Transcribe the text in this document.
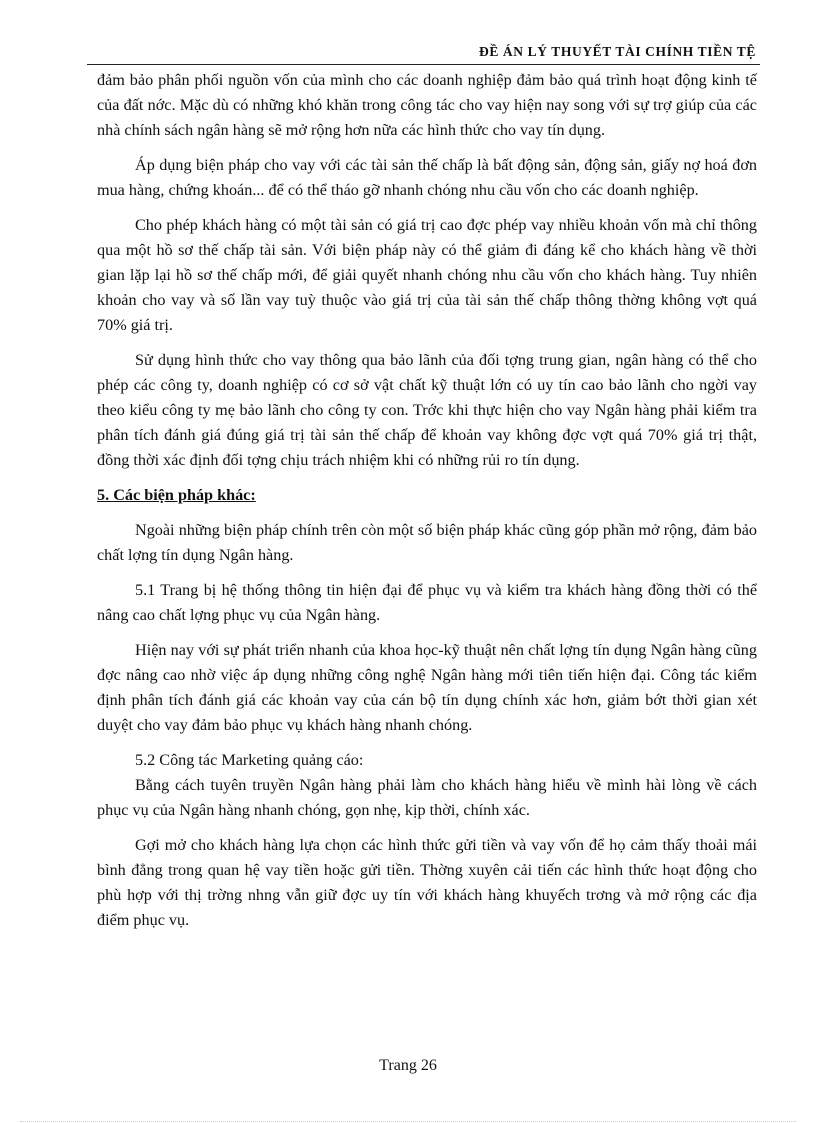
ĐỀ ÁN LÝ THUYẾT TÀI CHÍNH TIỀN TỆ

đảm bảo phân phối nguồn vốn của mình cho các doanh nghiệp đảm bảo quá trình hoạt động kinh tế của đất nớc. Mặc dù có những khó khăn trong công tác cho vay hiện nay song với sự trợ giúp của các nhà chính sách ngân hàng sẽ mở rộng hơn nữa các hình thức cho vay tín dụng.

Áp dụng biện pháp cho vay với các tài sản thế chấp là bất động sản, động sản, giấy nợ hoá đơn mua hàng, chứng khoán... để có thể tháo gỡ nhanh chóng nhu cầu vốn cho các doanh nghiệp.

Cho phép khách hàng có một tài sản có giá trị cao đợc phép vay nhiều khoản vốn mà chỉ thông qua một hồ sơ thế chấp tài sản. Với biện pháp này có thể giảm đi đáng kể cho khách hàng về thời gian lặp lại hồ sơ thế chấp mới, để giải quyết nhanh chóng nhu cầu vốn cho khách hàng. Tuy nhiên khoản cho vay và số lần vay tuỳ thuộc vào giá trị của tài sản thế chấp thông thờng không vợt quá 70% giá trị.

Sử dụng hình thức cho vay thông qua bảo lãnh của đối tợng trung gian, ngân hàng có thể cho phép các công ty, doanh nghiệp có cơ sở vật chất kỹ thuật lớn có uy tín cao bảo lãnh cho ngời vay theo kiểu công ty mẹ bảo lãnh cho công ty con. Trớc khi thực hiện cho vay Ngân hàng phải kiểm tra phân tích đánh giá đúng giá trị tài sản thế chấp để khoản vay không đợc vợt quá 70% giá trị thật, đồng thời xác định đối tợng chịu trách nhiệm khi có những rủi ro tín dụng.

5. Các biện pháp khác:

Ngoài những biện pháp chính trên còn một số biện pháp khác cũng góp phần mở rộng, đảm bảo chất lợng tín dụng Ngân hàng.

5.1 Trang bị hệ thống thông tin hiện đại để phục vụ và kiểm tra khách hàng đồng thời có thể nâng cao chất lợng phục vụ của Ngân hàng.

Hiện nay với sự phát triển nhanh của khoa học-kỹ thuật nên chất lợng tín dụng Ngân hàng cũng đợc nâng cao nhờ việc áp dụng những công nghệ Ngân hàng mới tiên tiến hiện đại. Công tác kiểm định phân tích đánh giá các khoản vay của cán bộ tín dụng chính xác hơn, giảm bớt thời gian xét duyệt cho vay đảm bảo phục vụ khách hàng nhanh chóng.

5.2 Công tác Marketing quảng cáo:

Bằng cách tuyên truyền Ngân hàng phải làm cho khách hàng hiểu về mình hài lòng về cách phục vụ của Ngân hàng nhanh chóng, gọn nhẹ, kịp thời, chính xác.

Gợi mở cho khách hàng lựa chọn các hình thức gửi tiền và vay vốn để họ cảm thấy thoải mái bình đẳng trong quan hệ vay tiền hoặc gửi tiền. Thờng xuyên cải tiến các hình thức hoạt động cho phù hợp với thị trờng nhng vẫn giữ đợc uy tín với khách hàng khuyếch trơng và mở rộng các địa điểm phục vụ.

Trang 26
